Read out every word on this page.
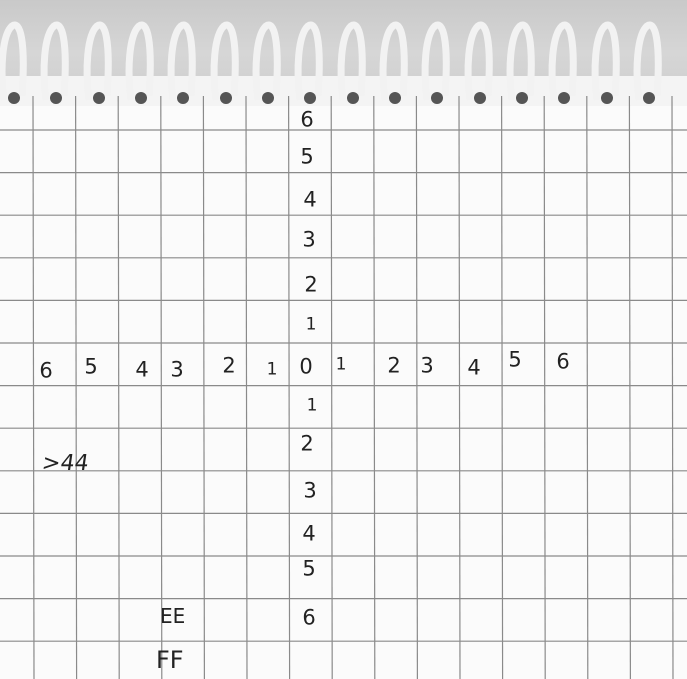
6 5 4 3 2 1 0 1 2 3 4 5 6
6
5
4
3
2
1
1
2
3
4
5
6
>44
EE
FF
